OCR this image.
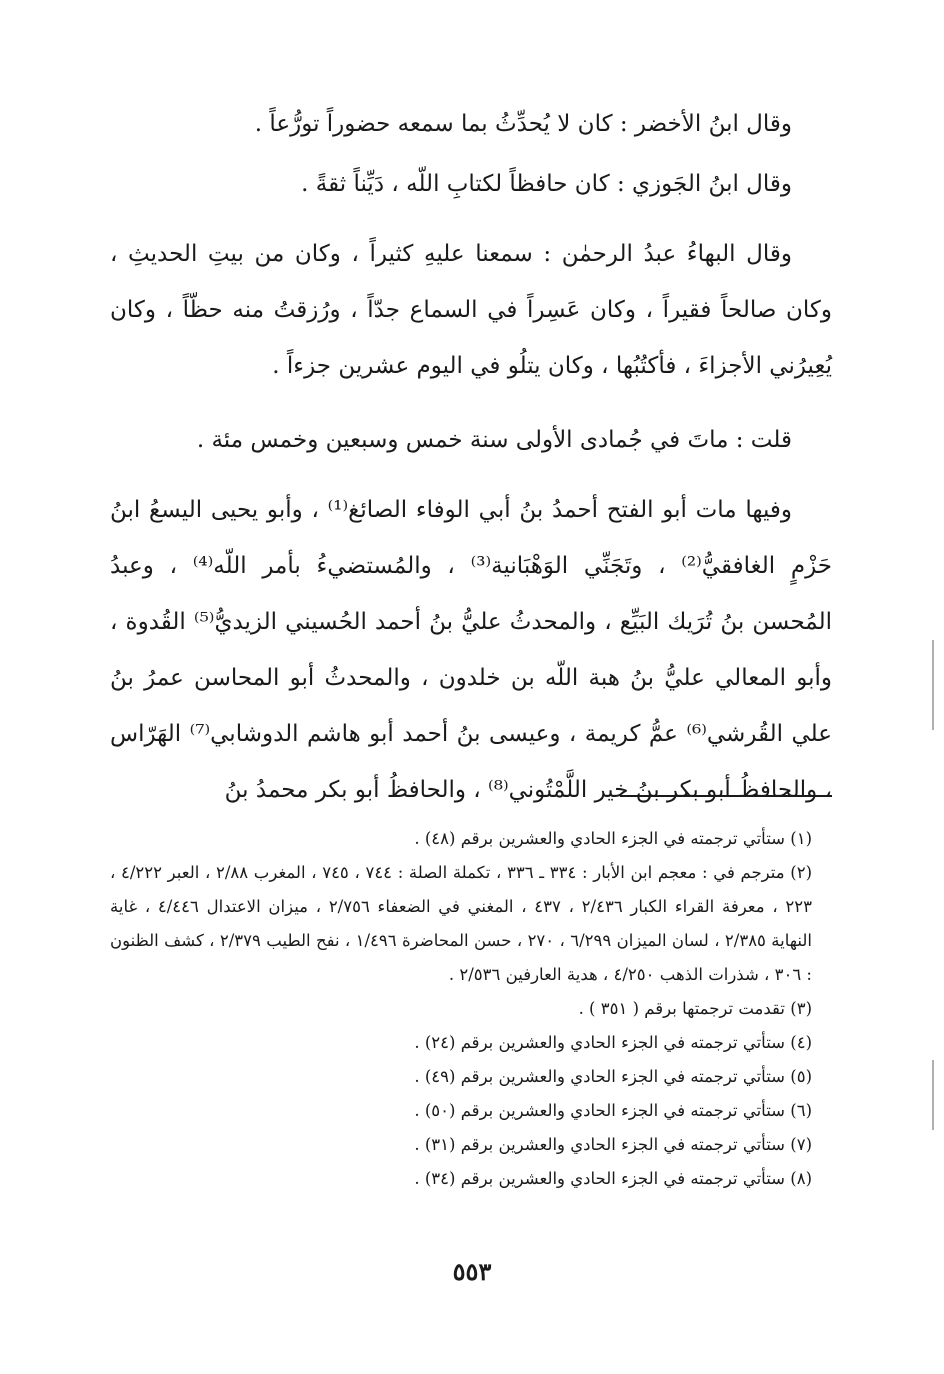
وقال ابنُ الأخضر : كان لا يُحدِّثُ بما سمعه حضوراً تورُّعاً .

وقال ابنُ الجَوزي : كان حافظاً لكتابِ اللّه ، دَيِّناً ثقةً .

وقال البهاءُ عبدُ الرحمٰن : سمعنا عليهِ كثيراً ، وكان من بيتِ الحديثِ ، وكان صالحاً فقيراً ، وكان عَسِراً في السماع جدّاً ، ورُزقتُ منه حظّاً ، وكان يُعِيرُني الأجزاءَ ، فأكتُبُها ، وكان يتلُو في اليوم عشرين جزءاً .

قلت : ماتَ في جُمادى الأولى سنة خمس وسبعين وخمس مئة .

وفيها مات أبو الفتح أحمدُ بنُ أبي الوفاء الصائغ⁽¹⁾ ، وأبو يحيى اليسعُ ابنُ حَزْمٍ الغافقيُّ⁽²⁾ ، وتَجَنِّي الوَهْبَانية⁽³⁾ ، والمُستضيءُ بأمر اللّه⁽⁴⁾ ، وعبدُ المُحسن بنُ تُرَيك البَيِّع ، والمحدثُ عليُّ بنُ أحمد الحُسيني الزيديُّ⁽⁵⁾ القُدوة ، وأبو المعالي عليُّ بنُ هبة اللّه بن خلدون ، والمحدثُ أبو المحاسن عمرُ بنُ علي القُرشي⁽⁶⁾ عمُّ كريمة ، وعيسى بنُ أحمد أبو هاشم الدوشابي⁽⁷⁾ الهَرّاس ، والحافظُ أبو بكر بنُ خير اللَّمْتُوني⁽⁸⁾ ، والحافظُ أبو بكر محمدُ بنُ

(١) ستأتي ترجمته في الجزء الحادي والعشرين برقم (٤٨) .

(٢) مترجم في : معجم ابن الأبار : ٣٣٤ ـ ٣٣٦ ، تكملة الصلة : ٧٤٤ ، ٧٤٥ ، المغرب ٢/٨٨ ، العبر ٤/٢٢٢ ، ٢٢٣ ، معرفة القراء الكبار ٢/٤٣٦ ، ٤٣٧ ، المغني في الضعفاء ٢/٧٥٦ ، ميزان الاعتدال ٤/٤٤٦ ، غاية النهاية ٢/٣٨٥ ، لسان الميزان ٦/٢٩٩ ، ٢٧٠ ، حسن المحاضرة ١/٤٩٦ ، نفح الطيب ٢/٣٧٩ ، كشف الظنون : ٣٠٦ ، شذرات الذهب ٤/٢٥٠ ، هدية العارفين ٢/٥٣٦ .

(٣) تقدمت ترجمتها برقم ( ٣٥١ ) .

(٤) ستأتي ترجمته في الجزء الحادي والعشرين برقم (٢٤) .

(٥) ستأتي ترجمته في الجزء الحادي والعشرين برقم (٤٩) .

(٦) ستأتي ترجمته في الجزء الحادي والعشرين برقم (٥٠) .

(٧) ستأتي ترجمته في الجزء الحادي والعشرين برقم (٣١) .

(٨) ستأتي ترجمته في الجزء الحادي والعشرين برقم (٣٤) .

٥٥٣
